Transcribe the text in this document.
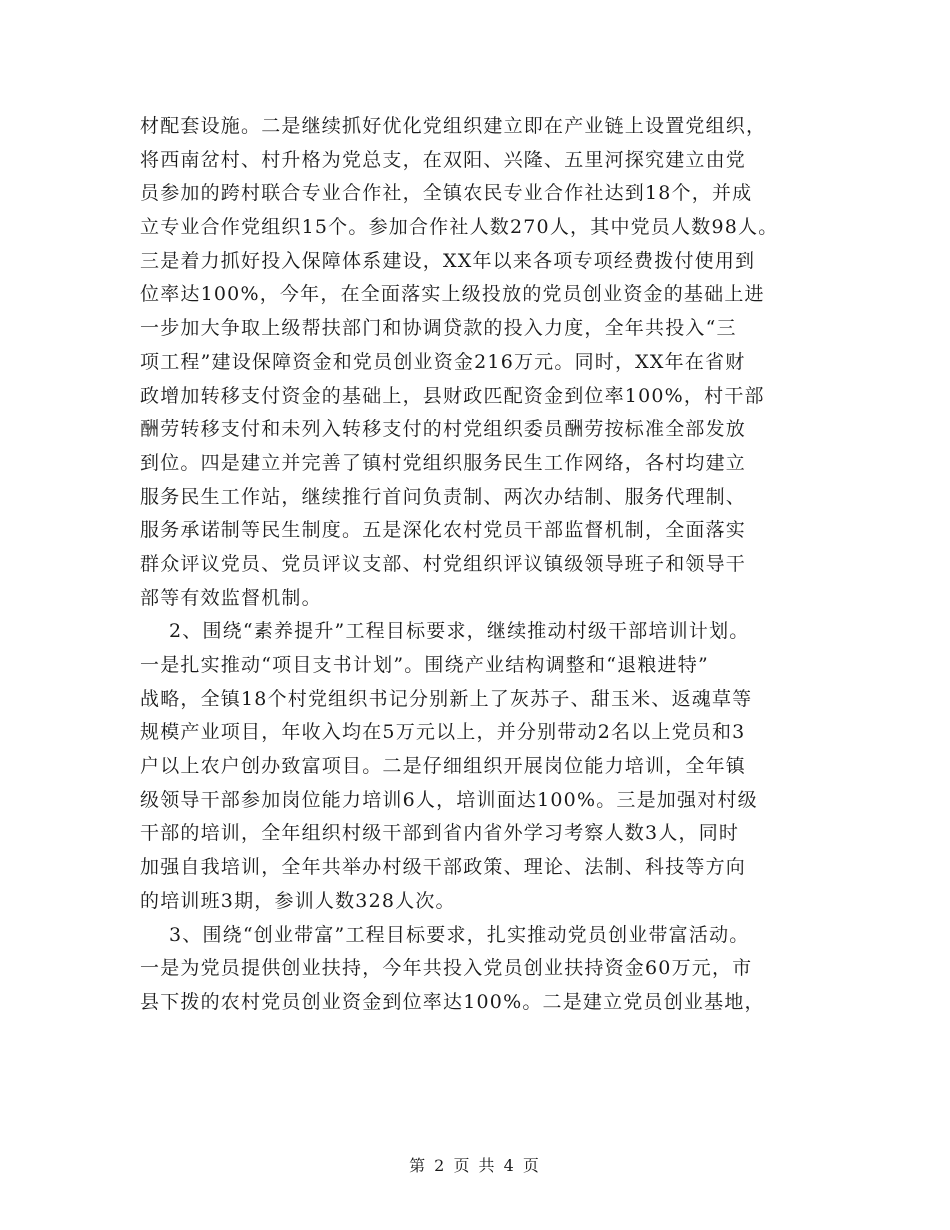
材配套设施。二是继续抓好优化党组织建立即在产业链上设置党组织，
将西南岔村、村升格为党总支，在双阳、兴隆、五里河探究建立由党
员参加的跨村联合专业合作社，全镇农民专业合作社达到18个，并成
立专业合作党组织15个。参加合作社人数270人，其中党员人数98人。
三是着力抓好投入保障体系建设，XX年以来各项专项经费拨付使用到
位率达100%，今年，在全面落实上级投放的党员创业资金的基础上进
一步加大争取上级帮扶部门和协调贷款的投入力度，全年共投入“三
项工程”建设保障资金和党员创业资金216万元。同时，XX年在省财
政增加转移支付资金的基础上，县财政匹配资金到位率100%，村干部
酬劳转移支付和未列入转移支付的村党组织委员酬劳按标准全部发放
到位。四是建立并完善了镇村党组织服务民生工作网络，各村均建立
服务民生工作站，继续推行首问负责制、两次办结制、服务代理制、
服务承诺制等民生制度。五是深化农村党员干部监督机制，全面落实
群众评议党员、党员评议支部、村党组织评议镇级领导班子和领导干
部等有效监督机制。
2、围绕“素养提升”工程目标要求，继续推动村级干部培训计划。
一是扎实推动“项目支书计划”。围绕产业结构调整和“退粮进特”
战略，全镇18个村党组织书记分别新上了灰苏子、甜玉米、返魂草等
规模产业项目，年收入均在5万元以上，并分别带动2名以上党员和3
户以上农户创办致富项目。二是仔细组织开展岗位能力培训，全年镇
级领导干部参加岗位能力培训6人，培训面达100%。三是加强对村级
干部的培训，全年组织村级干部到省内省外学习考察人数3人，同时
加强自我培训，全年共举办村级干部政策、理论、法制、科技等方向
的培训班3期，参训人数328人次。
3、围绕“创业带富”工程目标要求，扎实推动党员创业带富活动。
一是为党员提供创业扶持，今年共投入党员创业扶持资金60万元，市
县下拨的农村党员创业资金到位率达100%。二是建立党员创业基地，
第 2 页 共 4 页
